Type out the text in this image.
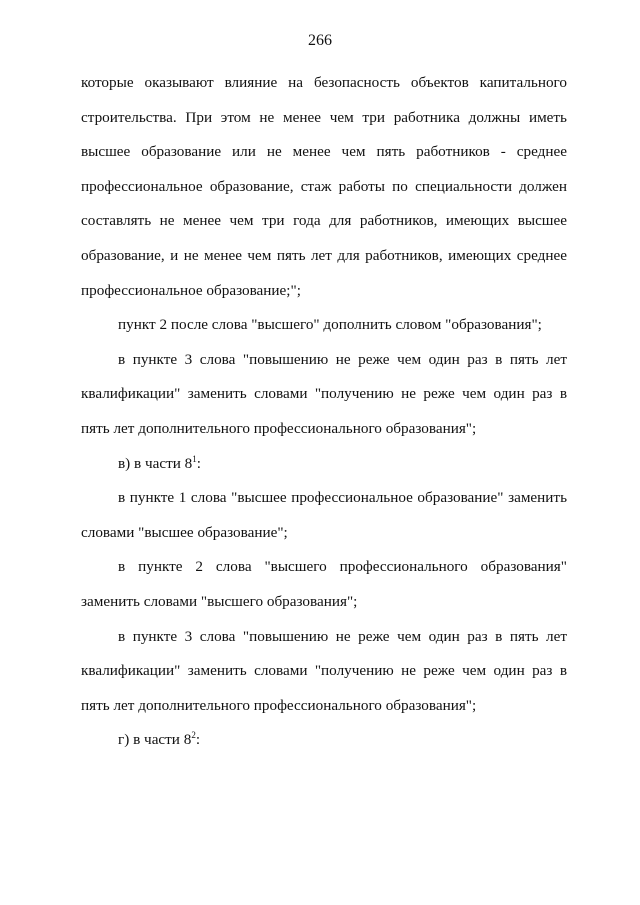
266

которые оказывают влияние на безопасность объектов капитального строительства. При этом не менее чем три работника должны иметь высшее образование или не менее чем пять работников - среднее профессиональное образование, стаж работы по специальности должен составлять не менее чем три года для работников, имеющих высшее образование, и не менее чем пять лет для работников, имеющих среднее профессиональное образование;";

пункт 2 после слова "высшего" дополнить словом "образования";

в пункте 3 слова "повышению не реже чем один раз в пять лет квалификации" заменить словами "получению не реже чем один раз в пять лет дополнительного профессионального образования";

в) в части $8^1$:

в пункте 1 слова "высшее профессиональное образование" заменить словами "высшее образование";

в пункте 2 слова "высшего профессионального образования" заменить словами "высшего образования";

в пункте 3 слова "повышению не реже чем один раз в пять лет квалификации" заменить словами "получению не реже чем один раз в пять лет дополнительного профессионального образования";

г) в части $8^2$:
